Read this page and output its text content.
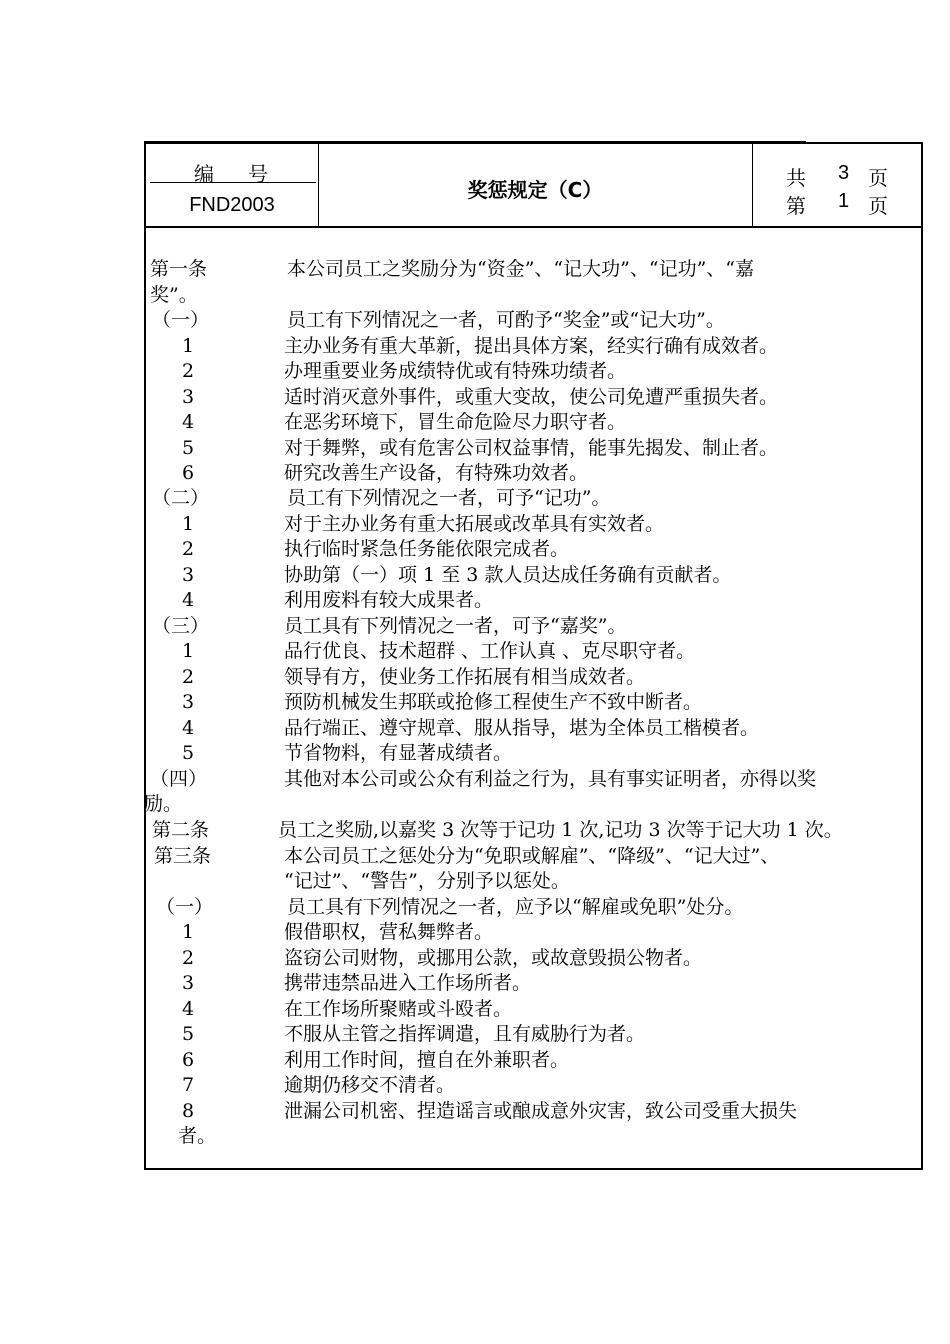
编号
FND2003
奖惩规定（C）	共 3 页
第 1 页
第一条	本公司员工之奖励分为“资金”、“记大功”、“记功”、“嘉
奖”。
（一）	员工有下列情况之一者，可酌予“奖金”或“记大功”。
1	主办业务有重大革新，提出具体方案，经实行确有成效者。
2	办理重要业务成绩特优或有特殊功绩者。
3	适时消灭意外事件，或重大变故，使公司免遭严重损失者。
4	在恶劣环境下，冒生命危险尽力职守者。
5	对于舞弊，或有危害公司权益事情，能事先揭发、制止者。
6	研究改善生产设备，有特殊功效者。
（二）	员工有下列情况之一者，可予“记功”。
1	对于主办业务有重大拓展或改革具有实效者。
2	执行临时紧急任务能依限完成者。
3	协助第（一）项 1 至 3 款人员达成任务确有贡献者。
4	利用废料有较大成果者。
（三）	员工具有下列情况之一者，可予“嘉奖”。
1	品行优良、技术超群 、工作认真 、克尽职守者。
2	领导有方，使业务工作拓展有相当成效者。
3	预防机械发生邦联或抢修工程使生产不致中断者。
4	品行端正、遵守规章、服从指导，堪为全体员工楷模者。
5	节省物料，有显著成绩者。
（四）	其他对本公司或公众有利益之行为，具有事实证明者，亦得以奖
励。
第二条	员工之奖励,以嘉奖 3 次等于记功 1 次,记功 3 次等于记大功 1 次。
第三条	本公司员工之惩处分为“免职或解雇”、“降级”、“记大过”、
“记过”、“警告”，分别予以惩处。
（一）	员工具有下列情况之一者，应予以“解雇或免职”处分。
1	假借职权，营私舞弊者。
2	盗窃公司财物，或挪用公款，或故意毁损公物者。
3	携带违禁品进入工作场所者。
4	在工作场所聚赌或斗殴者。
5	不服从主管之指挥调遣，且有威胁行为者。
6	利用工作时间，擅自在外兼职者。
7	逾期仍移交不清者。
8	泄漏公司机密、捏造谣言或酿成意外灾害，致公司受重大损失
者。
